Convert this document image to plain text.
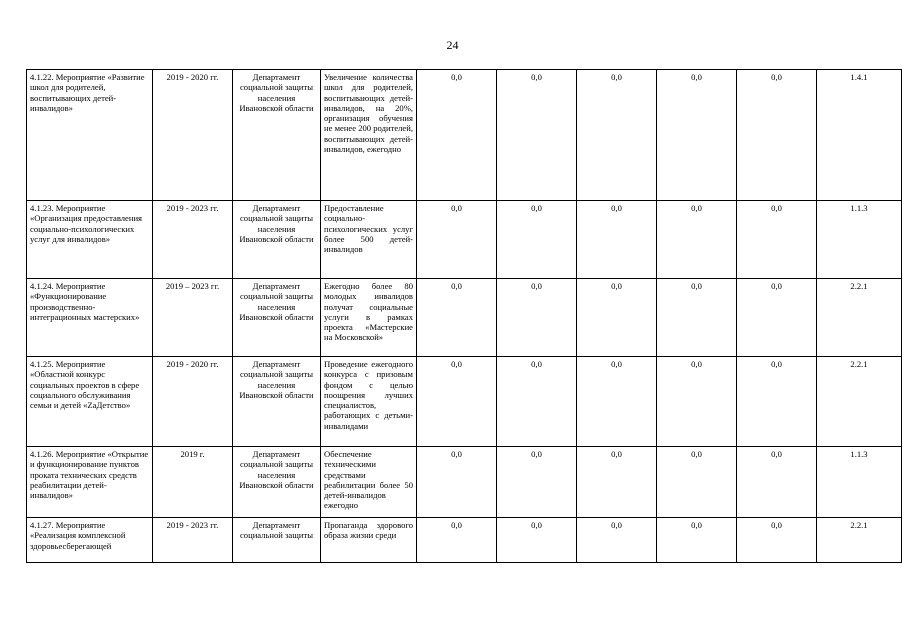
24
4.1.22. Мероприятие «Развитие школ для родителей, воспитывающих детей-инвалидов»	2019 - 2020 гг.	Департамент социальной защиты населения Ивановской области	Увеличение количества школ для родителей, воспитывающих детей-инвалидов, на 20%, организация обучения не менее 200 родителей, воспитывающих детей-инвалидов, ежегодно	0,0	0,0	0,0	0,0	0,0	1.4.1
4.1.23. Мероприятие «Организация предоставления социально-психологических услуг для инвалидов»	2019 - 2023 гг.	Департамент социальной защиты населения Ивановской области	Предоставление социально-психологических услуг более 500 детей-инвалидов	0,0	0,0	0,0	0,0	0,0	1.1.3
4.1.24. Мероприятие «Функционирование производственно-интеграционных мастерских»	2019 – 2023 гг.	Департамент социальной защиты населения Ивановской области	Ежегодно более 80 молодых инвалидов получат социальные услуги в рамках проекта «Мастерские на Московской»	0,0	0,0	0,0	0,0	0,0	2.2.1
4.1.25. Мероприятие «Областной конкурс социальных проектов в сфере социального обслуживания семьи и детей «ZaДетство»	2019 - 2020 гг.	Департамент социальной защиты населения Ивановской области	Проведение ежегодного конкурса с призовым фондом с целью поощрения лучших специалистов, работающих с детьми-инвалидами	0,0	0,0	0,0	0,0	0,0	2.2.1
4.1.26. Мероприятие «Открытие и функционирование пунктов проката технических средств реабилитации детей-инвалидов»	2019 г.	Департамент социальной защиты населения Ивановской области	Обеспечение техническими средствами реабилитации более 50 детей-инвалидов ежегодно	0,0	0,0	0,0	0,0	0,0	1.1.3
4.1.27. Мероприятие «Реализация комплексной здоровьесберегающей	2019 - 2023 гг.	Департамент социальной защиты	Пропаганда здорового образа жизни среди	0,0	0,0	0,0	0,0	0,0	2.2.1
